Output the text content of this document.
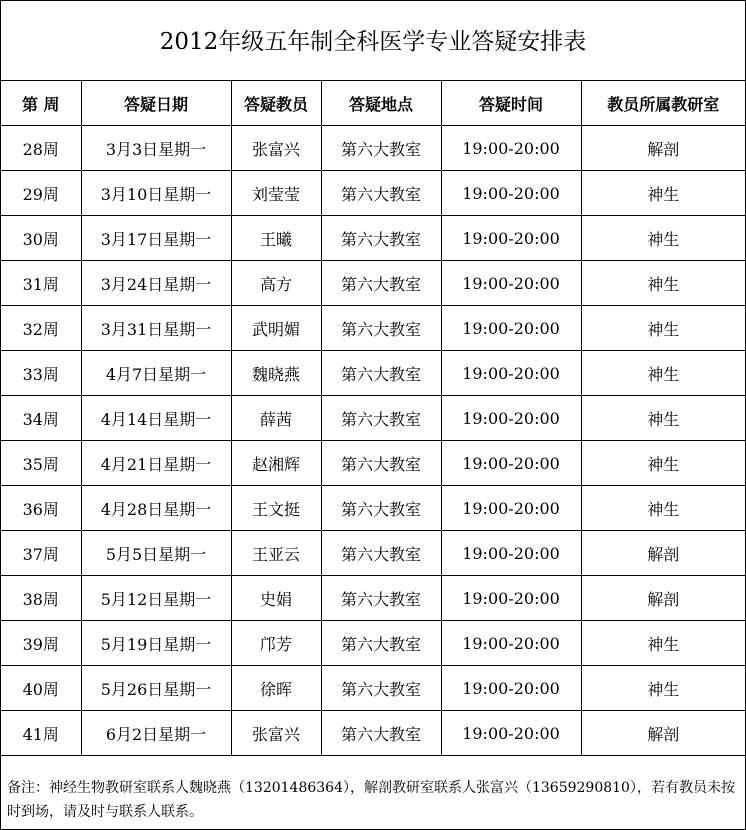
2012年级五年制全科医学专业答疑安排表
第 周	答疑日期	答疑教员	答疑地点	答疑时间	教员所属教研室
28周	3月3日星期一	张富兴	第六大教室	19:00-20:00	解剖
29周	3月10日星期一	刘莹莹	第六大教室	19:00-20:00	神生
30周	3月17日星期一	王曦	第六大教室	19:00-20:00	神生
31周	3月24日星期一	高方	第六大教室	19:00-20:00	神生
32周	3月31日星期一	武明媚	第六大教室	19:00-20:00	神生
33周	4月7日星期一	魏晓燕	第六大教室	19:00-20:00	神生
34周	4月14日星期一	薛茜	第六大教室	19:00-20:00	神生
35周	4月21日星期一	赵湘辉	第六大教室	19:00-20:00	神生
36周	4月28日星期一	王文挺	第六大教室	19:00-20:00	神生
37周	5月5日星期一	王亚云	第六大教室	19:00-20:00	解剖
38周	5月12日星期一	史娟	第六大教室	19:00-20:00	解剖
39周	5月19日星期一	邝芳	第六大教室	19:00-20:00	神生
40周	5月26日星期一	徐晖	第六大教室	19:00-20:00	神生
41周	6月2日星期一	张富兴	第六大教室	19:00-20:00	解剖
备注：神经生物教研室联系人魏晓燕（13201486364），解剖教研室联系人张富兴（13659290810），若有教员未按时到场，请及时与联系人联系。
